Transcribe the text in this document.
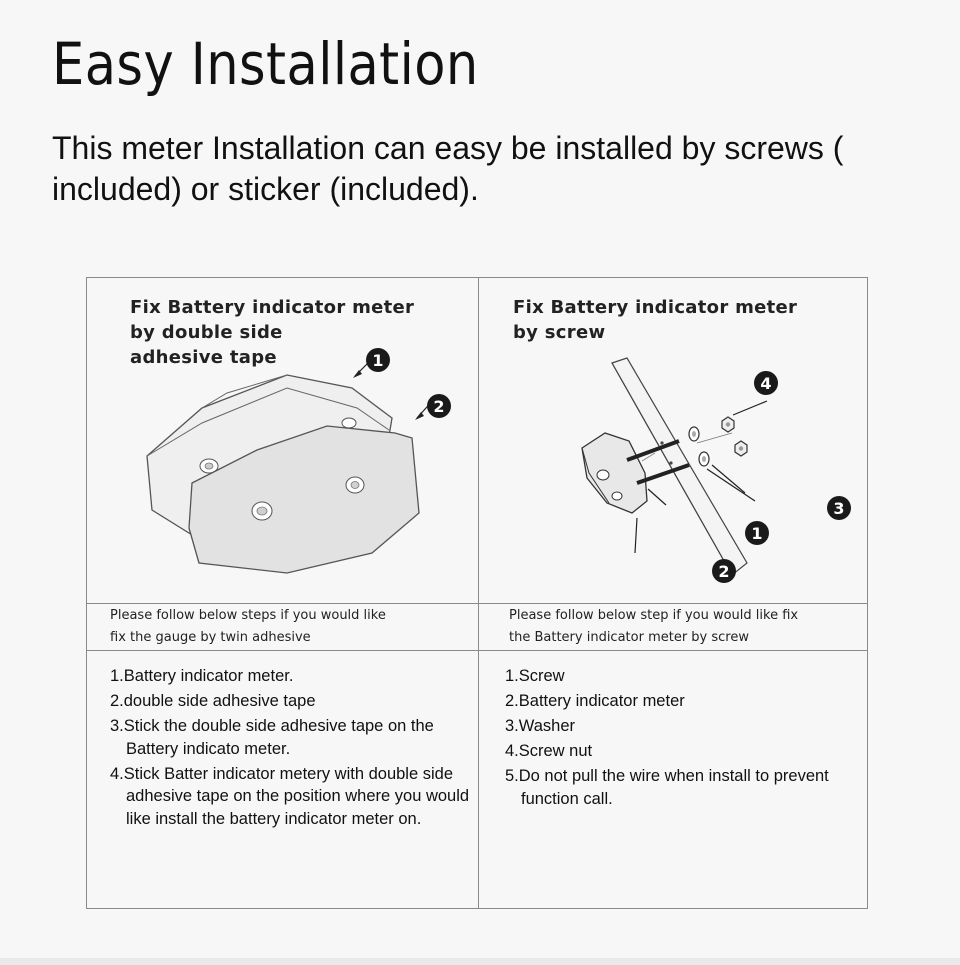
Easy Installation
This meter Installation can easy be installed by screws ( included) or sticker (included).
Fix Battery indicator meter
by double side
adhesive tape	1
2
Please follow below steps if you would like
fix the gauge by twin adhesive
1.Battery indicator meter.
2.double side adhesive tape
3.Stick the double side adhesive tape on the Battery indicato meter.
4.Stick Batter indicator metery with double side adhesive tape on the position where you would like install the battery indicator meter on.
Fix Battery indicator meter
by screw
4
3
1
2
Please follow below step if you would like fix
the Battery indicator meter by screw
1.Screw
2.Battery indicator meter
3.Washer
4.Screw nut
5.Do not pull the wire when install to prevent function call.
